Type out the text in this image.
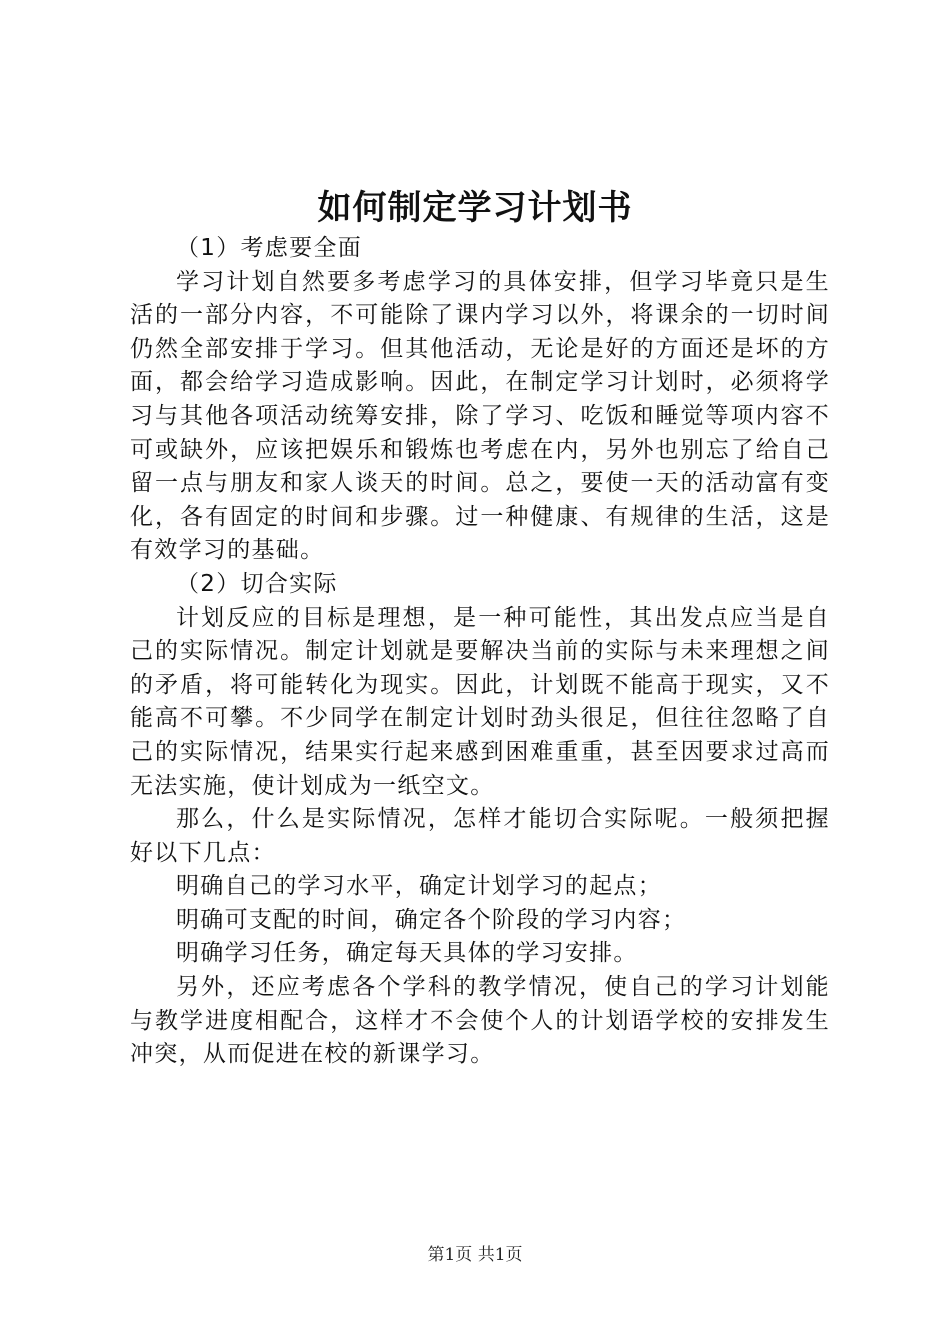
如何制定学习计划书

（1）考虑要全面

学习计划自然要多考虑学习的具体安排，但学习毕竟只是生活的一部分内容，不可能除了课内学习以外，将课余的一切时间仍然全部安排于学习。但其他活动，无论是好的方面还是坏的方面，都会给学习造成影响。因此，在制定学习计划时，必须将学习与其他各项活动统筹安排，除了学习、吃饭和睡觉等项内容不可或缺外，应该把娱乐和锻炼也考虑在内，另外也别忘了给自己留一点与朋友和家人谈天的时间。总之，要使一天的活动富有变化，各有固定的时间和步骤。过一种健康、有规律的生活，这是有效学习的基础。

（2）切合实际

计划反应的目标是理想，是一种可能性，其出发点应当是自己的实际情况。制定计划就是要解决当前的实际与未来理想之间的矛盾，将可能转化为现实。因此，计划既不能高于现实，又不能高不可攀。不少同学在制定计划时劲头很足，但往往忽略了自己的实际情况，结果实行起来感到困难重重，甚至因要求过高而无法实施，使计划成为一纸空文。

那么，什么是实际情况，怎样才能切合实际呢。一般须把握好以下几点：

明确自己的学习水平，确定计划学习的起点；

明确可支配的时间，确定各个阶段的学习内容；

明确学习任务，确定每天具体的学习安排。

另外，还应考虑各个学科的教学情况，使自己的学习计划能与教学进度相配合，这样才不会使个人的计划语学校的安排发生冲突，从而促进在校的新课学习。

第1页 共1页
